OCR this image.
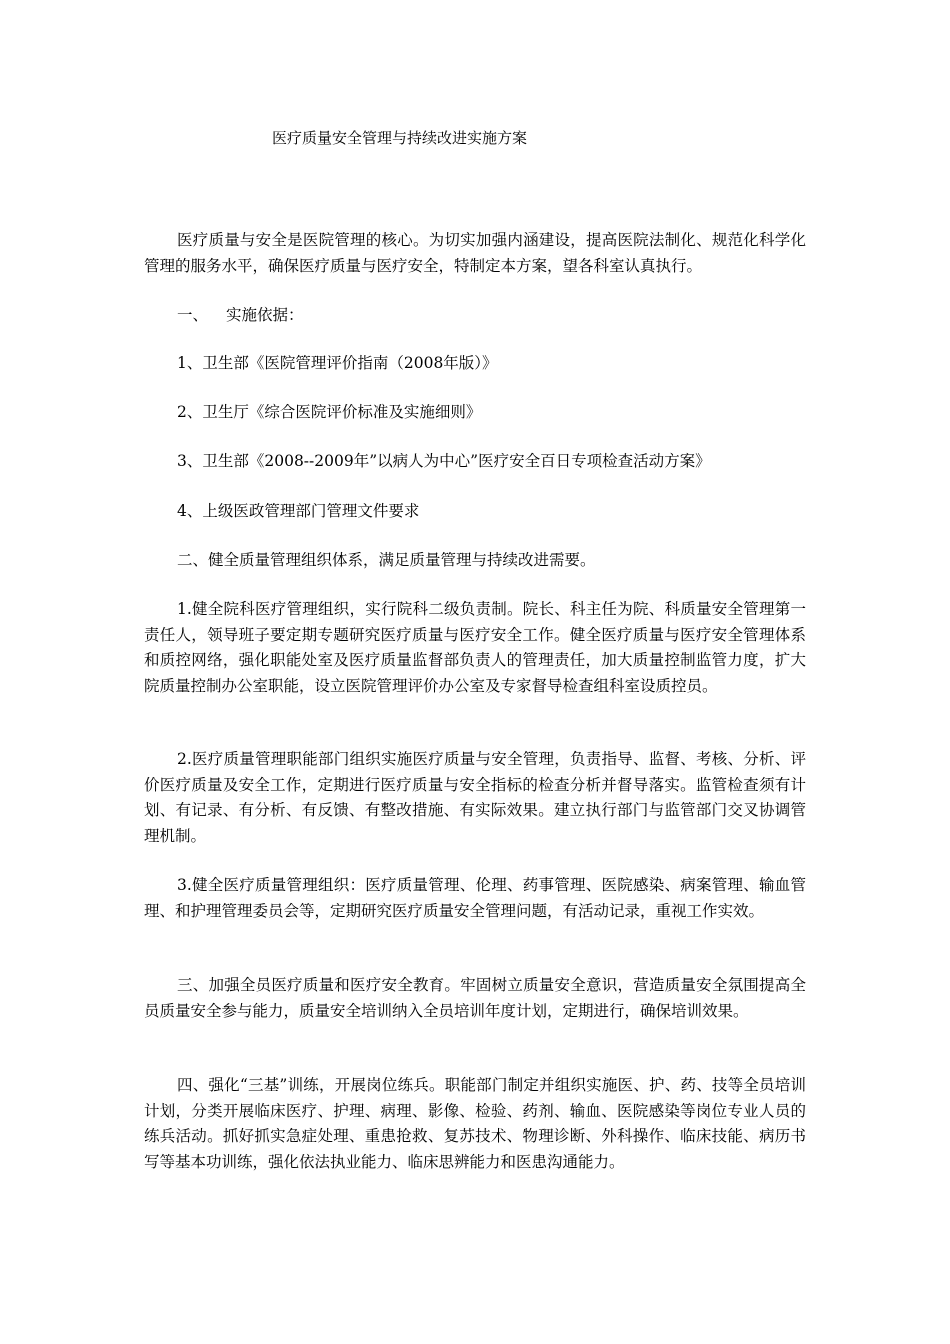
医疗质量安全管理与持续改进实施方案

医疗质量与安全是医院管理的核心。为切实加强内涵建设，提高医院法制化、规范化科学化管理的服务水平，确保医疗质量与医疗安全，特制定本方案，望各科室认真执行。

一、 实施依据：
1、卫生部《医院管理评价指南（2008年版）》
2、卫生厅《综合医院评价标准及实施细则》
3、卫生部《2008--2009年”以病人为中心”医疗安全百日专项检查活动方案》
4、上级医政管理部门管理文件要求
二、健全质量管理组织体系，满足质量管理与持续改进需要。

1.健全院科医疗管理组织，实行院科二级负责制。院长、科主任为院、科质量安全管理第一责任人，领导班子要定期专题研究医疗质量与医疗安全工作。健全医疗质量与医疗安全管理体系和质控网络，强化职能处室及医疗质量监督部负责人的管理责任，加大质量控制监管力度，扩大院质量控制办公室职能，设立医院管理评价办公室及专家督导检查组科室设质控员。

2.医疗质量管理职能部门组织实施医疗质量与安全管理，负责指导、监督、考核、分析、评价医疗质量及安全工作，定期进行医疗质量与安全指标的检查分析并督导落实。监管检查须有计划、有记录、有分析、有反馈、有整改措施、有实际效果。建立执行部门与监管部门交叉协调管理机制。

3.健全医疗质量管理组织：医疗质量管理、伦理、药事管理、医院感染、病案管理、输血管理、和护理管理委员会等，定期研究医疗质量安全管理问题，有活动记录，重视工作实效。

三、加强全员医疗质量和医疗安全教育。牢固树立质量安全意识，营造质量安全氛围提高全员质量安全参与能力，质量安全培训纳入全员培训年度计划，定期进行，确保培训效果。

四、强化“三基”训练，开展岗位练兵。职能部门制定并组织实施医、护、药、技等全员培训计划，分类开展临床医疗、护理、病理、影像、检验、药剂、输血、医院感染等岗位专业人员的练兵活动。抓好抓实急症处理、重患抢救、复苏技术、物理诊断、外科操作、临床技能、病历书写等基本功训练，强化依法执业能力、临床思辨能力和医患沟通能力。
